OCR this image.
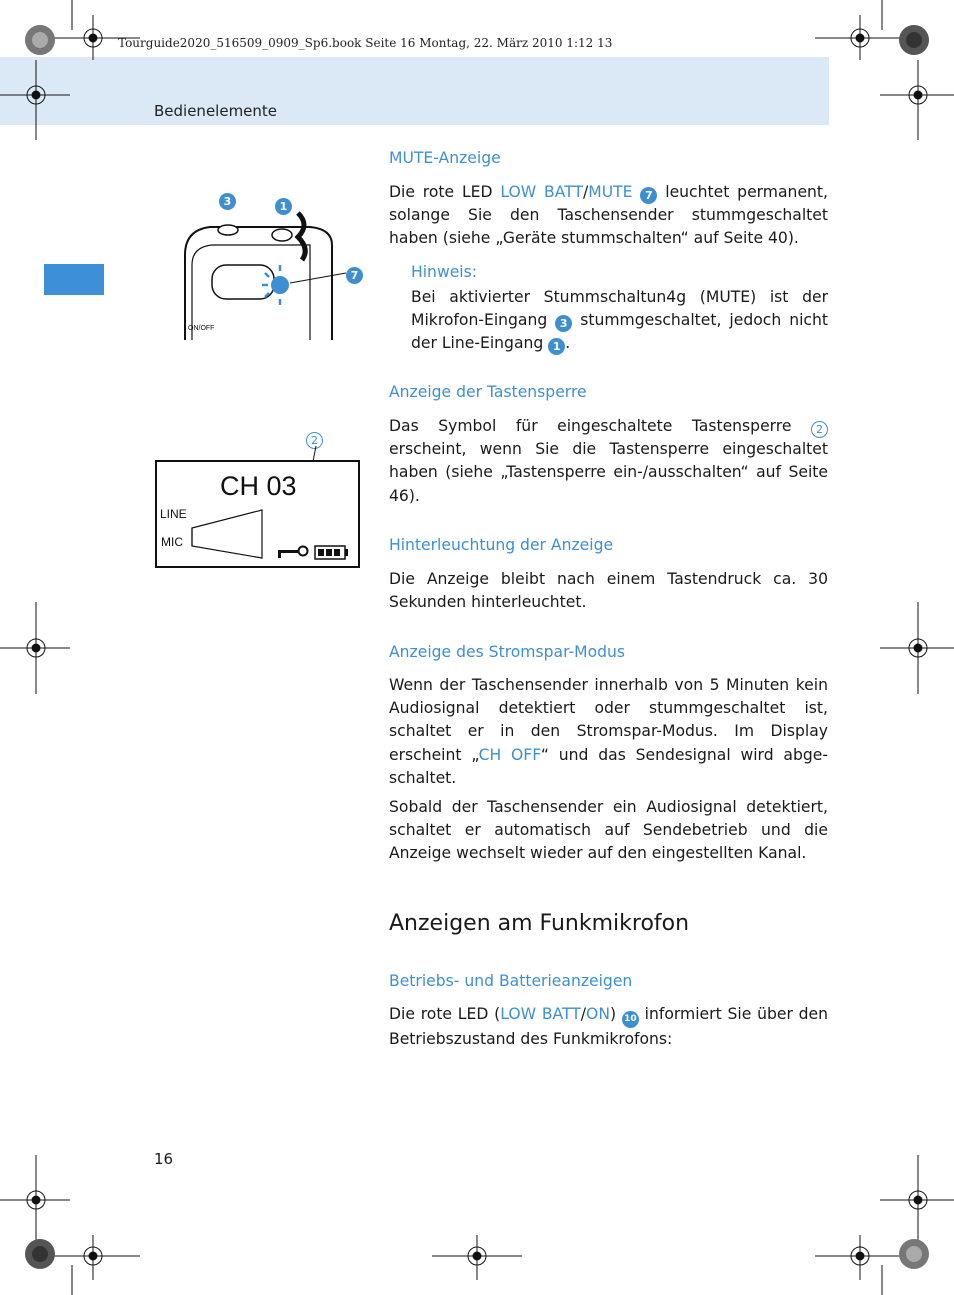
Tourguide2020_516509_0909_Sp6.book Seite 16 Montag, 22. März 2010 1:12 13
Bedienelemente
ON/OFF
3	1
7
2
CH 03
LINE
MIC
MUTE-Anzeige
Die rote LED LOW BATT/MUTE 7 leuchtet permanent, solange Sie den Taschensender stummgeschaltet haben (siehe „Geräte stummschalten“ auf Seite 40).
Hinweis:
Bei aktivierter Stummschaltun4g (MUTE) ist der Mikrofon-Eingang 3 stummgeschaltet, jedoch nicht der Line-Eingang 1 .
Anzeige der Tastensperre
Das Symbol für eingeschaltete Tastensperre 2 erscheint, wenn Sie die Tastensperre eingeschaltet haben (siehe „Tastensperre ein-/ausschalten“ auf Seite 46).
Hinterleuchtung der Anzeige
Die Anzeige bleibt nach einem Tastendruck ca. 30 Sekunden hinterleuchtet.
Anzeige des Stromspar-Modus
Wenn der Taschensender innerhalb von 5 Minuten kein Audiosignal detektiert oder stummgeschaltet ist, schaltet er in den Stromspar-Modus. Im Display erscheint „CH OFF“ und das Sendesignal wird abge-schaltet.
Sobald der Taschensender ein Audiosignal detektiert, schaltet er automatisch auf Sendebetrieb und die Anzeige wechselt wieder auf den eingestellten Kanal.
Anzeigen am Funkmikrofon
Betriebs- und Batterieanzeigen
Die rote LED (LOW BATT/ON) 10 informiert Sie über den Betriebszustand des Funkmikrofons:
16
